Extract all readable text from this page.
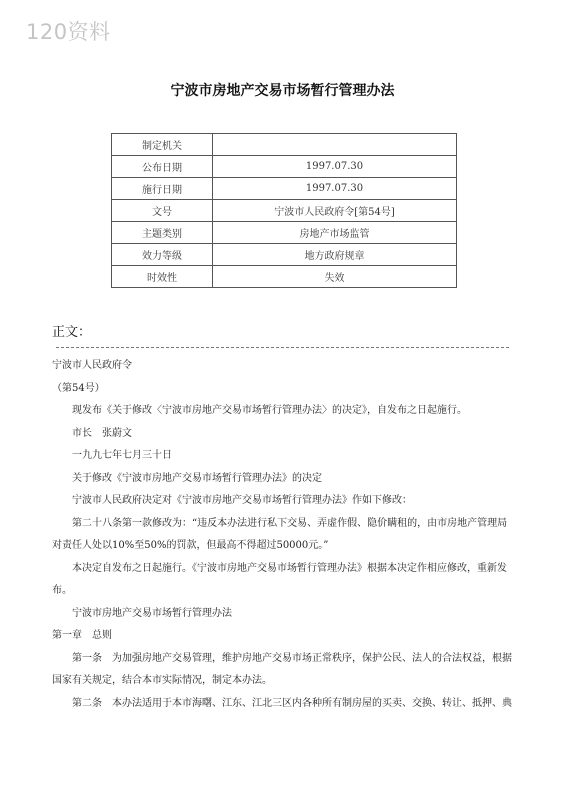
120资料
宁波市房地产交易市场暂行管理办法
制定机关	
公布日期	1997.07.30
施行日期	1997.07.30
文号	宁波市人民政府令[第54号]
主题类别	房地产市场监管
效力等级	地方政府规章
时效性	失效
正文：

宁波市人民政府令

（第54号）

现发布《关于修改〈宁波市房地产交易市场暂行管理办法〉的决定》，自发布之日起施行。

市长　张蔚文

一九九七年七月三十日

关于修改《宁波市房地产交易市场暂行管理办法》的决定

宁波市人民政府决定对《宁波市房地产交易市场暂行管理办法》作如下修改：

第二十八条第一款修改为：“违反本办法进行私下交易、弄虚作假、隐价瞒租的，由市房地产管理局对责任人处以10%至50%的罚款，但最高不得超过50000元。”

本决定自发布之日起施行。《宁波市房地产交易市场暂行管理办法》根据本决定作相应修改，重新发布。

宁波市房地产交易市场暂行管理办法

第一章　总则

第一条　为加强房地产交易管理，维护房地产交易市场正常秩序，保护公民、法人的合法权益，根据国家有关规定，结合本市实际情况，制定本办法。

第二条　本办法适用于本市海曙、江东、江北三区内各种所有制房屋的买卖、交换、转让、抵押、典
